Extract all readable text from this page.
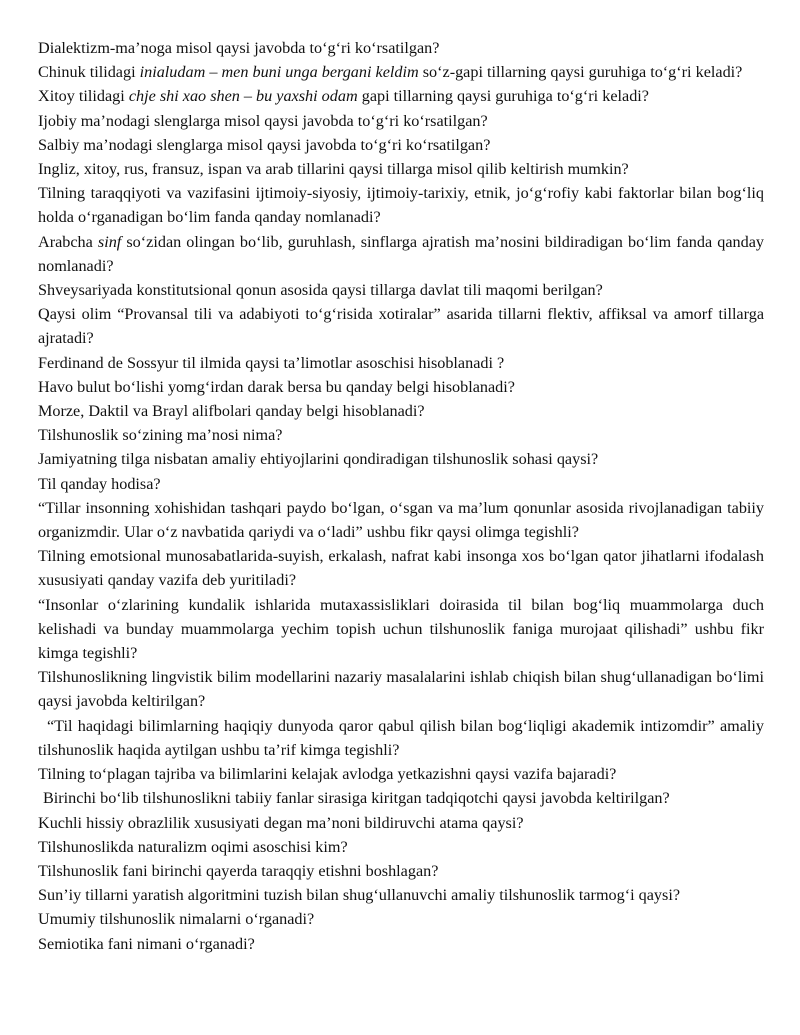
Dialektizm-ma’noga misol qaysi javobda to‘g‘ri ko‘rsatilgan?

Chinuk tilidagi inialudam – men buni unga bergani keldim so‘z-gapi tillarning qaysi guruhiga to‘g‘ri keladi?

Xitoy tilidagi chje shi xao shen – bu yaxshi odam gapi tillarning qaysi guruhiga to‘g‘ri keladi?

Ijobiy ma’nodagi slenglarga misol qaysi javobda to‘g‘ri ko‘rsatilgan?

Salbiy ma’nodagi slenglarga misol qaysi javobda to‘g‘ri ko‘rsatilgan?

Ingliz, xitoy, rus, fransuz, ispan va arab tillarini qaysi tillarga misol qilib keltirish mumkin?

Tilning taraqqiyoti va vazifasini ijtimoiy-siyosiy, ijtimoiy-tarixiy, etnik, jo‘g‘rofiy kabi faktorlar bilan bog‘liq holda o‘rganadigan bo‘lim fanda qanday nomlanadi?

Arabcha sinf so‘zidan olingan bo‘lib, guruhlash, sinflarga ajratish ma’nosini bildiradigan bo‘lim fanda qanday nomlanadi?

Shveysariyada konstitutsional qonun asosida qaysi tillarga davlat tili maqomi berilgan?

Qaysi olim “Provansal tili va adabiyoti to‘g‘risida xotiralar” asarida tillarni flektiv, affiksal va amorf tillarga ajratadi?

Ferdinand de Sossyur til ilmida qaysi ta’limotlar asoschisi hisoblanadi ?

Havo bulut bo‘lishi yomg‘irdan darak bersa bu qanday belgi hisoblanadi?

Morze, Daktil va Brayl alifbolari qanday belgi hisoblanadi?

Tilshunoslik so‘zining ma’nosi nima?

Jamiyatning tilga nisbatan amaliy ehtiyojlarini qondiradigan tilshunoslik sohasi qaysi?

Til qanday hodisa?

“Tillar insonning xohishidan tashqari paydo bo‘lgan, o‘sgan va ma’lum qonunlar asosida rivojlanadigan tabiiy organizmdir. Ular o‘z navbatida qariydi va o‘ladi” ushbu fikr qaysi olimga tegishli?

Tilning emotsional munosabatlarida-suyish, erkalash, nafrat kabi insonga xos bo‘lgan qator jihatlarni ifodalash xususiyati qanday vazifa deb yuritiladi?

“Insonlar o‘zlarining kundalik ishlarida mutaxassisliklari doirasida til bilan bog‘liq muammolarga duch kelishadi va bunday muammolarga yechim topish uchun tilshunoslik faniga murojaat qilishadi” ushbu fikr kimga tegishli?

Tilshunoslikning lingvistik bilim modellarini nazariy masalalarini ishlab chiqish bilan shug‘ullanadigan bo‘limi qaysi javobda keltirilgan?

“Til haqidagi bilimlarning haqiqiy dunyoda qaror qabul qilish bilan bog‘liqligi akademik intizomdir” amaliy tilshunoslik haqida aytilgan ushbu ta’rif kimga tegishli?

Tilning to‘plagan tajriba va bilimlarini kelajak avlodga yetkazishni qaysi vazifa bajaradi?

Birinchi bo‘lib tilshunoslikni tabiiy fanlar sirasiga kiritgan tadqiqotchi qaysi javobda keltirilgan?

Kuchli hissiy obrazlilik xususiyati degan ma’noni bildiruvchi atama qaysi?

Tilshunoslikda naturalizm oqimi asoschisi kim?

Tilshunoslik fani birinchi qayerda taraqqiy etishni boshlagan?

Sun’iy tillarni yaratish algoritmini tuzish bilan shug‘ullanuvchi amaliy tilshunoslik tarmog‘i qaysi?

Umumiy tilshunoslik nimalarni o‘rganadi?

Semiotika fani nimani o‘rganadi?
